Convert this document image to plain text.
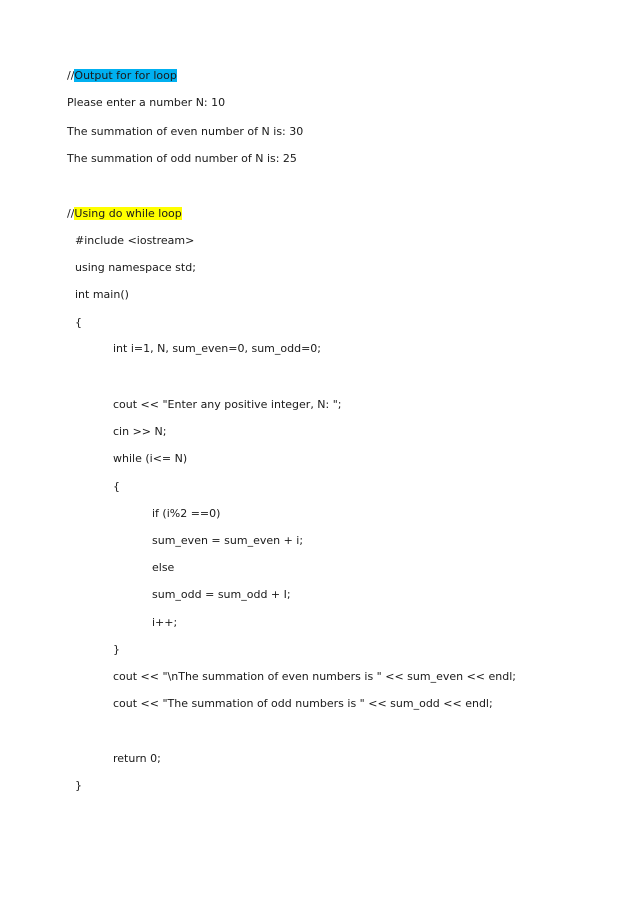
//Output for for loop
Please enter a number N: 10
The summation of even number of N is: 30
The summation of odd number of N is: 25
//Using do while loop
#include <iostream>
using namespace std;
int main()
{
int i=1, N, sum_even=0, sum_odd=0;
cout << "Enter any positive integer, N: ";
cin >> N;
while (i<= N)
{
if (i%2 ==0)
sum_even = sum_even + i;
else
sum_odd = sum_odd + I;
i++;
}
cout << "\nThe summation of even numbers is " << sum_even << endl;
cout << "The summation of odd numbers is " << sum_odd << endl;
return 0;
}
